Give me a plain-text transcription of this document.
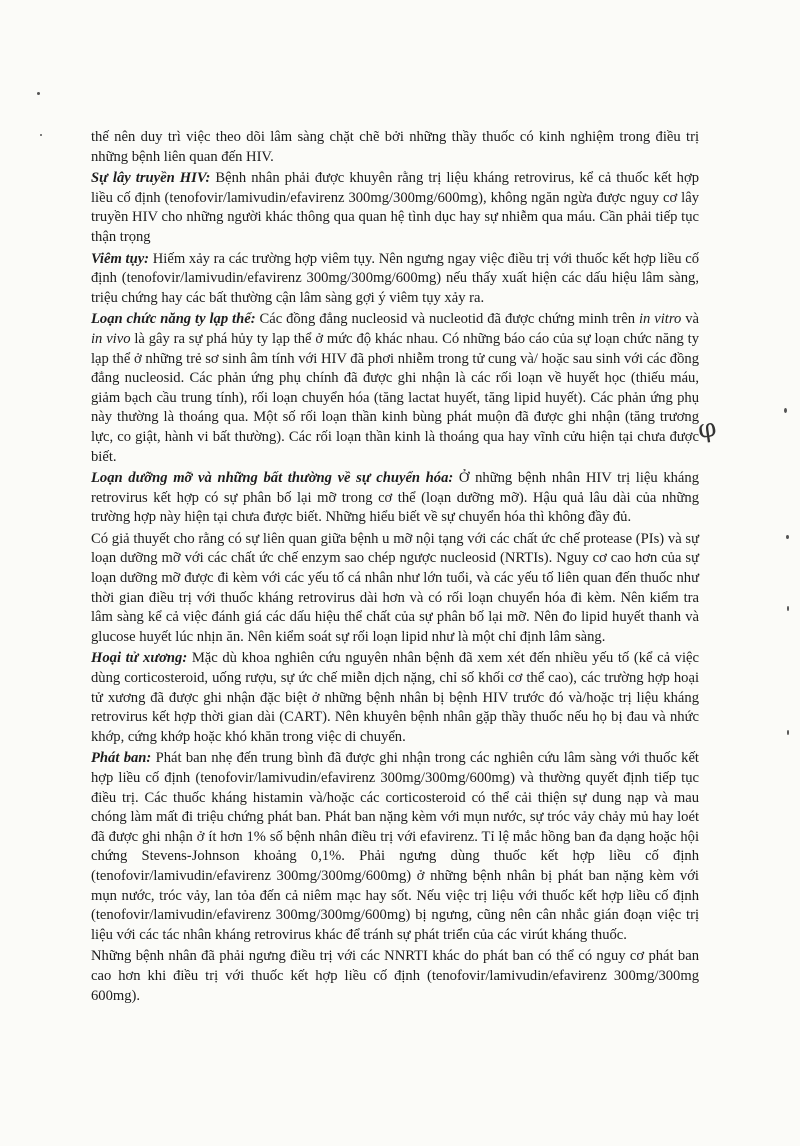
φ

thế nên duy trì việc theo dõi lâm sàng chặt chẽ bởi những thầy thuốc có kinh nghiệm trong điều trị những bệnh liên quan đến HIV.

Sự lây truyền HIV: Bệnh nhân phải được khuyên rằng trị liệu kháng retrovirus, kể cả thuốc kết hợp liều cố định (tenofovir/lamivudin/efavirenz 300mg/300mg/600mg), không ngăn ngừa được nguy cơ lây truyền HIV cho những người khác thông qua quan hệ tình dục hay sự nhiễm qua máu. Cần phải tiếp tục thận trọng

Viêm tụy: Hiếm xảy ra các trường hợp viêm tụy. Nên ngưng ngay việc điều trị với thuốc kết hợp liều cố định (tenofovir/lamivudin/efavirenz 300mg/300mg/600mg) nếu thấy xuất hiện các dấu hiệu lâm sàng, triệu chứng hay các bất thường cận lâm sàng gợi ý viêm tụy xảy ra.

Loạn chức năng ty lạp thể: Các đồng đẳng nucleosid và nucleotid đã được chứng minh trên in vitro và in vivo là gây ra sự phá hủy ty lạp thể ở mức độ khác nhau. Có những báo cáo của sự loạn chức năng ty lạp thể ở những trẻ sơ sinh âm tính với HIV đã phơi nhiễm trong tử cung và/ hoặc sau sinh với các đồng đẳng nucleosid. Các phản ứng phụ chính đã được ghi nhận là các rối loạn về huyết học (thiếu máu, giảm bạch cầu trung tính), rối loạn chuyển hóa (tăng lactat huyết, tăng lipid huyết). Các phản ứng phụ này thường là thoáng qua. Một số rối loạn thần kinh bùng phát muộn đã được ghi nhận (tăng trương lực, co giật, hành vi bất thường). Các rối loạn thần kinh là thoáng qua hay vĩnh cửu hiện tại chưa được biết.

Loạn dưỡng mỡ và những bất thường về sự chuyển hóa: Ở những bệnh nhân HIV trị liệu kháng retrovirus kết hợp có sự phân bố lại mỡ trong cơ thể (loạn dưỡng mỡ). Hậu quả lâu dài của những trường hợp này hiện tại chưa được biết. Những hiểu biết về sự chuyển hóa thì không đầy đủ.

Có giả thuyết cho rằng có sự liên quan giữa bệnh u mỡ nội tạng với các chất ức chế protease (PIs) và sự loạn dưỡng mỡ với các chất ức chế enzym sao chép ngược nucleosid (NRTIs). Nguy cơ cao hơn của sự loạn dưỡng mỡ được đi kèm với các yếu tố cá nhân như lớn tuổi, và các yếu tố liên quan đến thuốc như thời gian điều trị với thuốc kháng retrovirus dài hơn và có rối loạn chuyển hóa đi kèm. Nên kiểm tra lâm sàng kể cả việc đánh giá các dấu hiệu thể chất của sự phân bố lại mỡ. Nên đo lipid huyết thanh và glucose huyết lúc nhịn ăn. Nên kiểm soát sự rối loạn lipid như là một chỉ định lâm sàng.

Hoại tử xương: Mặc dù khoa nghiên cứu nguyên nhân bệnh đã xem xét đến nhiều yếu tố (kể cả việc dùng corticosteroid, uống rượu, sự ức chế miễn dịch nặng, chỉ số khối cơ thể cao), các trường hợp hoại tử xương đã được ghi nhận đặc biệt ở những bệnh nhân bị bệnh HIV trước đó và/hoặc trị liệu kháng retrovirus kết hợp thời gian dài (CART). Nên khuyên bệnh nhân gặp thầy thuốc nếu họ bị đau và nhức khớp, cứng khớp hoặc khó khăn trong việc di chuyển.

Phát ban: Phát ban nhẹ đến trung bình đã được ghi nhận trong các nghiên cứu lâm sàng với thuốc kết hợp liều cố định (tenofovir/lamivudin/efavirenz 300mg/300mg/600mg) và thường quyết định tiếp tục điều trị. Các thuốc kháng histamin và/hoặc các corticosteroid có thể cải thiện sự dung nạp và mau chóng làm mất đi triệu chứng phát ban. Phát ban nặng kèm với mụn nước, sự tróc vảy chảy mủ hay loét đã được ghi nhận ở ít hơn 1% số bệnh nhân điều trị với efavirenz. Tỉ lệ mắc hồng ban đa dạng hoặc hội chứng Stevens-Johnson khoảng 0,1%. Phải ngưng dùng thuốc kết hợp liều cố định (tenofovir/lamivudin/efavirenz 300mg/300mg/600mg) ở những bệnh nhân bị phát ban nặng kèm với mụn nước, tróc vảy, lan tỏa đến cả niêm mạc hay sốt. Nếu việc trị liệu với thuốc kết hợp liều cố định (tenofovir/lamivudin/efavirenz 300mg/300mg/600mg) bị ngưng, cũng nên cân nhắc gián đoạn việc trị liệu với các tác nhân kháng retrovirus khác để tránh sự phát triển của các virút kháng thuốc.

Những bệnh nhân đã phải ngưng điều trị với các NNRTI khác do phát ban có thể có nguy cơ phát ban cao hơn khi điều trị với thuốc kết hợp liều cố định (tenofovir/lamivudin/efavirenz 300mg/300mg 600mg).
